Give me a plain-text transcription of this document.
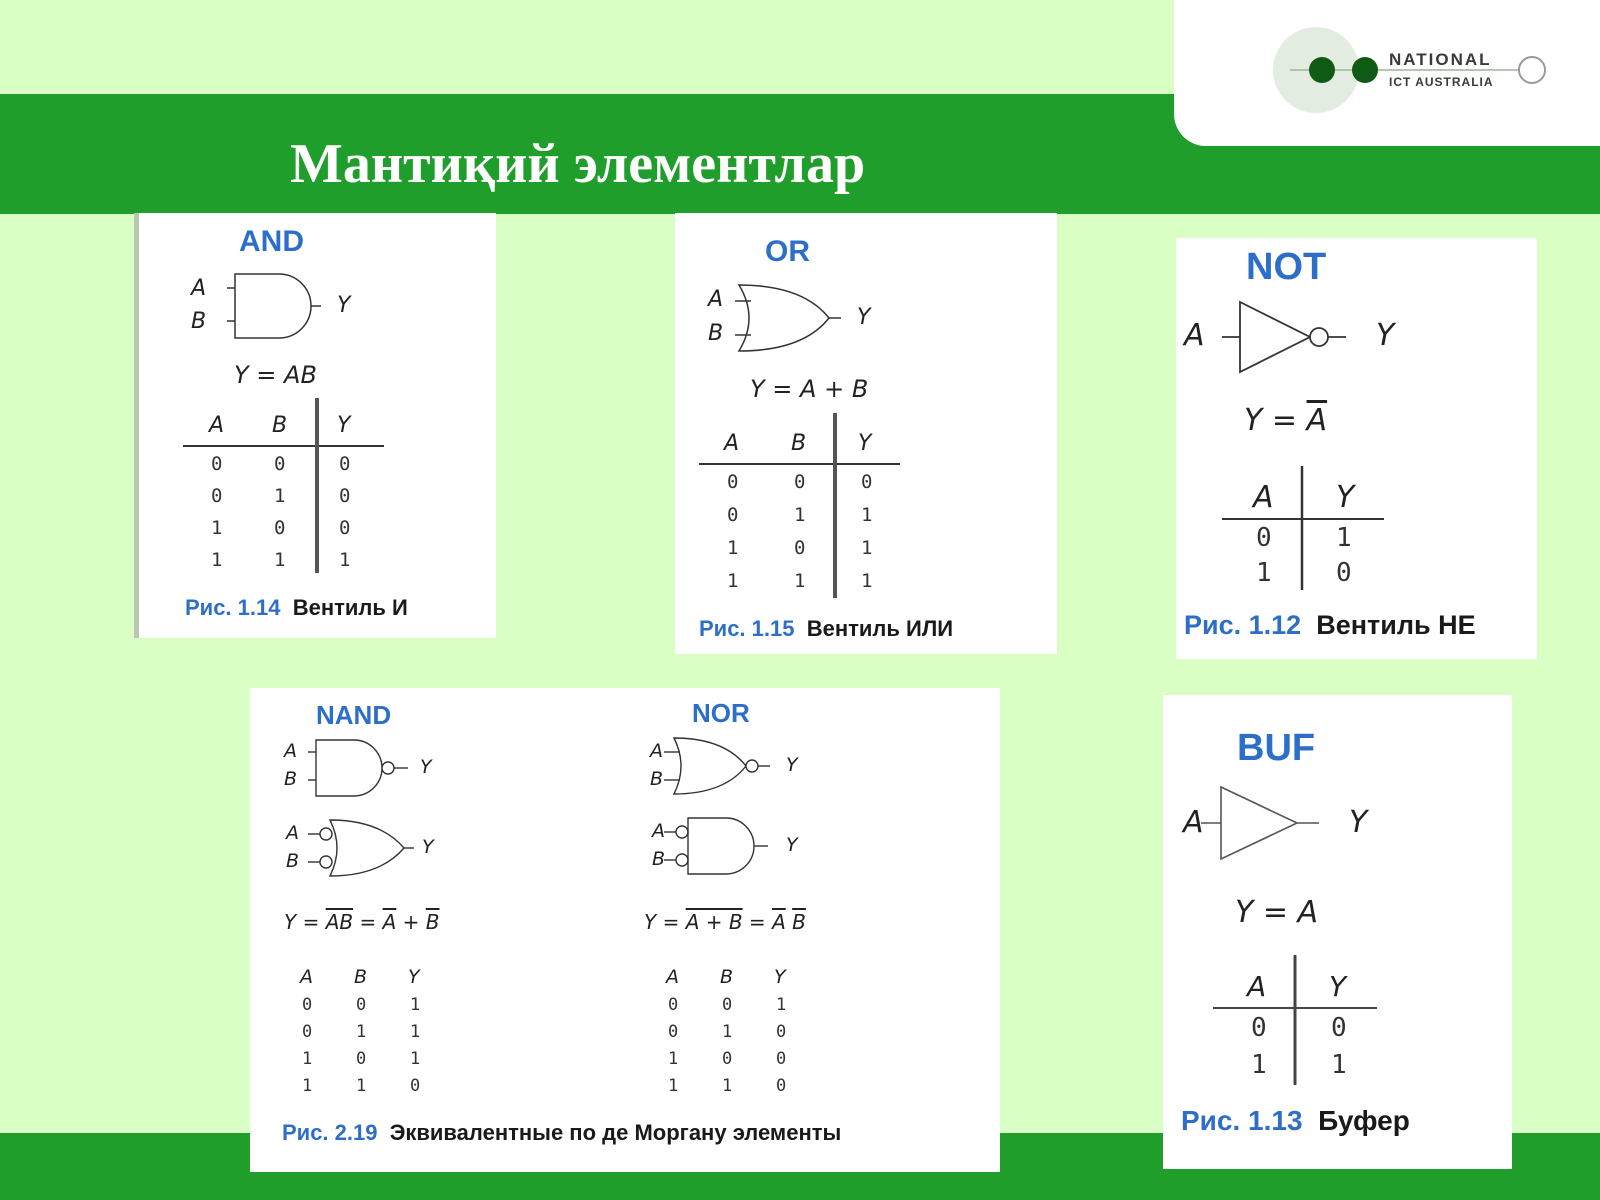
NATIONAL
ICT AUSTRALIA
Мантиқий элементлар
AND
A
B
Y
Y = AB
A B Y
0	0	0
0	1	0
1	0	0
1	1	1
Рис. 1.14 Вентиль И
OR
A
B
Y
Y = A + B
A B Y
0	0	0
0	1	1
1	0	1
1	1	1
Рис. 1.15 Вентиль ИЛИ
NOT
A	Y
$Y = \overline{A}$
A Y
0 1
1 0
Рис. 1.12 Вентиль НЕ
NAND
A
B
Y
A
B
Y
$Y = \overline{AB} = \overline{A} + \overline{B}$
A B Y
0	0	1
0	1	1
1	0	1
1	1	0
NOR
A
B
Y
A
B
Y
$Y = A + B = \overline{A}$ $\overline{B}$
A B Y
0	0	1
0	1	0
1	0	0
1	1	0
Рис. 2.19 Эквивалентные по де Моргану элементы
BUF
A	Y
Y = A
A Y
0 0
1 1
Рис. 1.13 Буфер
